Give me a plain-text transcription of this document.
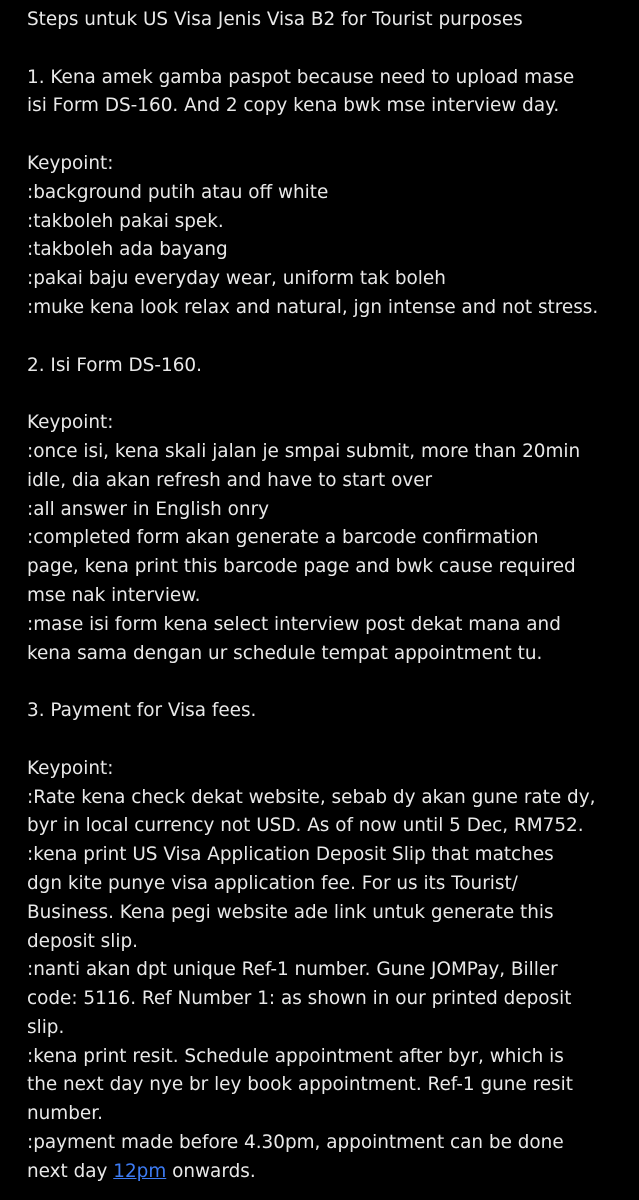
Steps untuk US Visa Jenis Visa B2 for Tourist purposes
1. Kena amek gamba paspot because need to upload mase
isi Form DS-160. And 2 copy kena bwk mse interview day.
Keypoint:
:background putih atau off white
:takboleh pakai spek.
:takboleh ada bayang
:pakai baju everyday wear, uniform tak boleh
:muke kena look relax and natural, jgn intense and not stress.
2. Isi Form DS-160.
Keypoint:
:once isi, kena skali jalan je smpai submit, more than 20min
idle, dia akan refresh and have to start over
:all answer in English onry
:completed form akan generate a barcode confirmation
page, kena print this barcode page and bwk cause required
mse nak interview.
:mase isi form kena select interview post dekat mana and
kena sama dengan ur schedule tempat appointment tu.
3. Payment for Visa fees.
Keypoint:
:Rate kena check dekat website, sebab dy akan gune rate dy,
byr in local currency not USD. As of now until 5 Dec, RM752.
:kena print US Visa Application Deposit Slip that matches
dgn kite punye visa application fee. For us its Tourist/
Business. Kena pegi website ade link untuk generate this
deposit slip.
:nanti akan dpt unique Ref-1 number. Gune JOMPay, Biller
code: 5116. Ref Number 1: as shown in our printed deposit
slip.
:kena print resit. Schedule appointment after byr, which is
the next day nye br ley book appointment. Ref-1 gune resit
number.
:payment made before 4.30pm, appointment can be done
next day 12pm onwards.
